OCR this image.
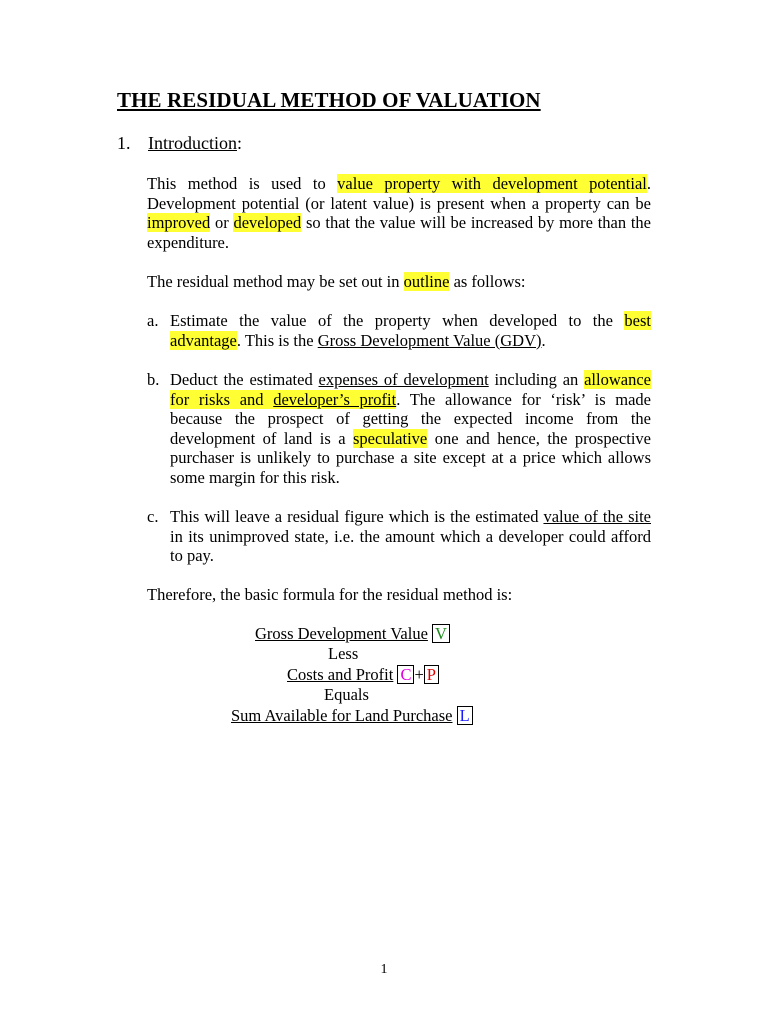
THE RESIDUAL METHOD OF VALUATION
1. Introduction:
This method is used to value property with development potential. Development potential (or latent value) is present when a property can be improved or developed so that the value will be increased by more than the expenditure.
The residual method may be set out in outline as follows:
a. Estimate the value of the property when developed to the best advantage. This is the Gross Development Value (GDV).
b. Deduct the estimated expenses of development including an allowance for risks and developer’s profit. The allowance for ‘risk’ is made because the prospect of getting the expected income from the development of land is a speculative one and hence, the prospective purchaser is unlikely to purchase a site except at a price which allows some margin for this risk.
c. This will leave a residual figure which is the estimated value of the site in its unimproved state, i.e. the amount which a developer could afford to pay.
Therefore, the basic formula for the residual method is:
Gross Development Value V
Less
Costs and Profit C + P
Equals
Sum Available for Land Purchase L
1
